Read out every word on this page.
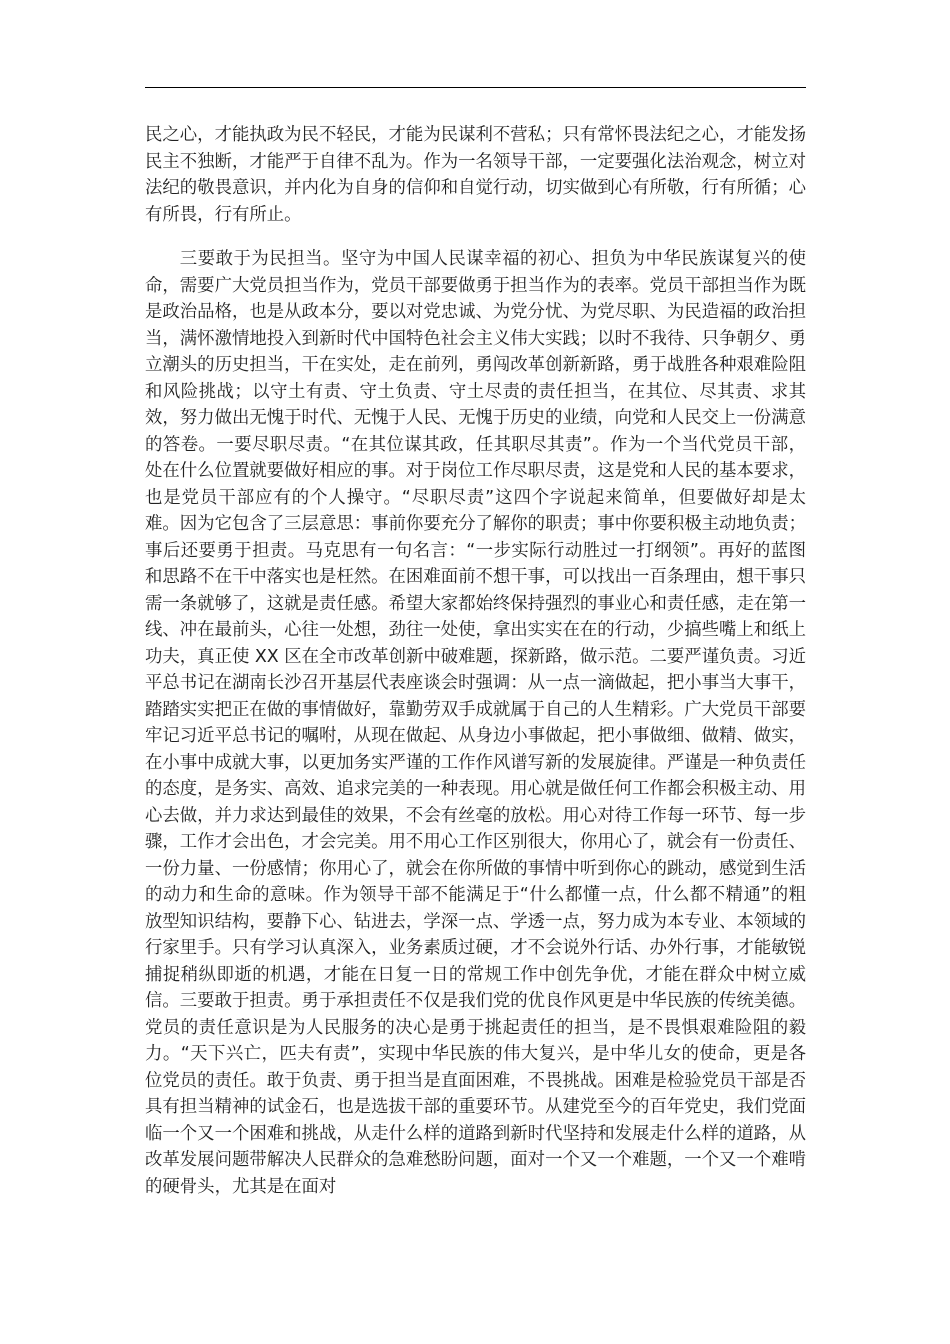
民之心，才能执政为民不轻民，才能为民谋利不营私；只有常怀畏法纪之心，才能发扬民主不独断，才能严于自律不乱为。作为一名领导干部，一定要强化法治观念，树立对法纪的敬畏意识，并内化为自身的信仰和自觉行动，切实做到心有所敬，行有所循；心有所畏，行有所止。

三要敢于为民担当。坚守为中国人民谋幸福的初心、担负为中华民族谋复兴的使命，需要广大党员担当作为，党员干部要做勇于担当作为的表率。党员干部担当作为既是政治品格，也是从政本分，要以对党忠诚、为党分忧、为党尽职、为民造福的政治担当，满怀激情地投入到新时代中国特色社会主义伟大实践；以时不我待、只争朝夕、勇立潮头的历史担当，干在实处，走在前列，勇闯改革创新新路，勇于战胜各种艰难险阻和风险挑战；以守土有责、守土负责、守土尽责的责任担当，在其位、尽其责、求其效，努力做出无愧于时代、无愧于人民、无愧于历史的业绩，向党和人民交上一份满意的答卷。一要尽职尽责。“在其位谋其政，任其职尽其责”。作为一个当代党员干部，处在什么位置就要做好相应的事。对于岗位工作尽职尽责，这是党和人民的基本要求，也是党员干部应有的个人操守。“尽职尽责”这四个字说起来简单，但要做好却是太难。因为它包含了三层意思：事前你要充分了解你的职责；事中你要积极主动地负责；事后还要勇于担责。马克思有一句名言：“一步实际行动胜过一打纲领”。再好的蓝图和思路不在干中落实也是枉然。在困难面前不想干事，可以找出一百条理由，想干事只需一条就够了，这就是责任感。希望大家都始终保持强烈的事业心和责任感，走在第一线、冲在最前头，心往一处想，劲往一处使，拿出实实在在的行动，少搞些嘴上和纸上功夫，真正使 XX 区在全市改革创新中破难题，探新路，做示范。二要严谨负责。习近平总书记在湖南长沙召开基层代表座谈会时强调：从一点一滴做起，把小事当大事干，踏踏实实把正在做的事情做好，靠勤劳双手成就属于自己的人生精彩。广大党员干部要牢记习近平总书记的嘱咐，从现在做起、从身边小事做起，把小事做细、做精、做实，在小事中成就大事，以更加务实严谨的工作作风谱写新的发展旋律。严谨是一种负责任的态度，是务实、高效、追求完美的一种表现。用心就是做任何工作都会积极主动、用心去做，并力求达到最佳的效果，不会有丝毫的放松。用心对待工作每一环节、每一步骤，工作才会出色，才会完美。用不用心工作区别很大，你用心了，就会有一份责任、一份力量、一份感情；你用心了，就会在你所做的事情中听到你心的跳动，感觉到生活的动力和生命的意味。作为领导干部不能满足于“什么都懂一点，什么都不精通”的粗放型知识结构，要静下心、钻进去，学深一点、学透一点，努力成为本专业、本领域的行家里手。只有学习认真深入，业务素质过硬，才不会说外行话、办外行事，才能敏锐捕捉稍纵即逝的机遇，才能在日复一日的常规工作中创先争优，才能在群众中树立威信。三要敢于担责。勇于承担责任不仅是我们党的优良作风更是中华民族的传统美德。党员的责任意识是为人民服务的决心是勇于挑起责任的担当，是不畏惧艰难险阻的毅力。“天下兴亡，匹夫有责”，实现中华民族的伟大复兴，是中华儿女的使命，更是各位党员的责任。敢于负责、勇于担当是直面困难，不畏挑战。困难是检验党员干部是否具有担当精神的试金石，也是选拔干部的重要环节。从建党至今的百年党史，我们党面临一个又一个困难和挑战，从走什么样的道路到新时代坚持和发展走什么样的道路，从改革发展问题带解决人民群众的急难愁盼问题，面对一个又一个难题，一个又一个难啃的硬骨头，尤其是在面对
